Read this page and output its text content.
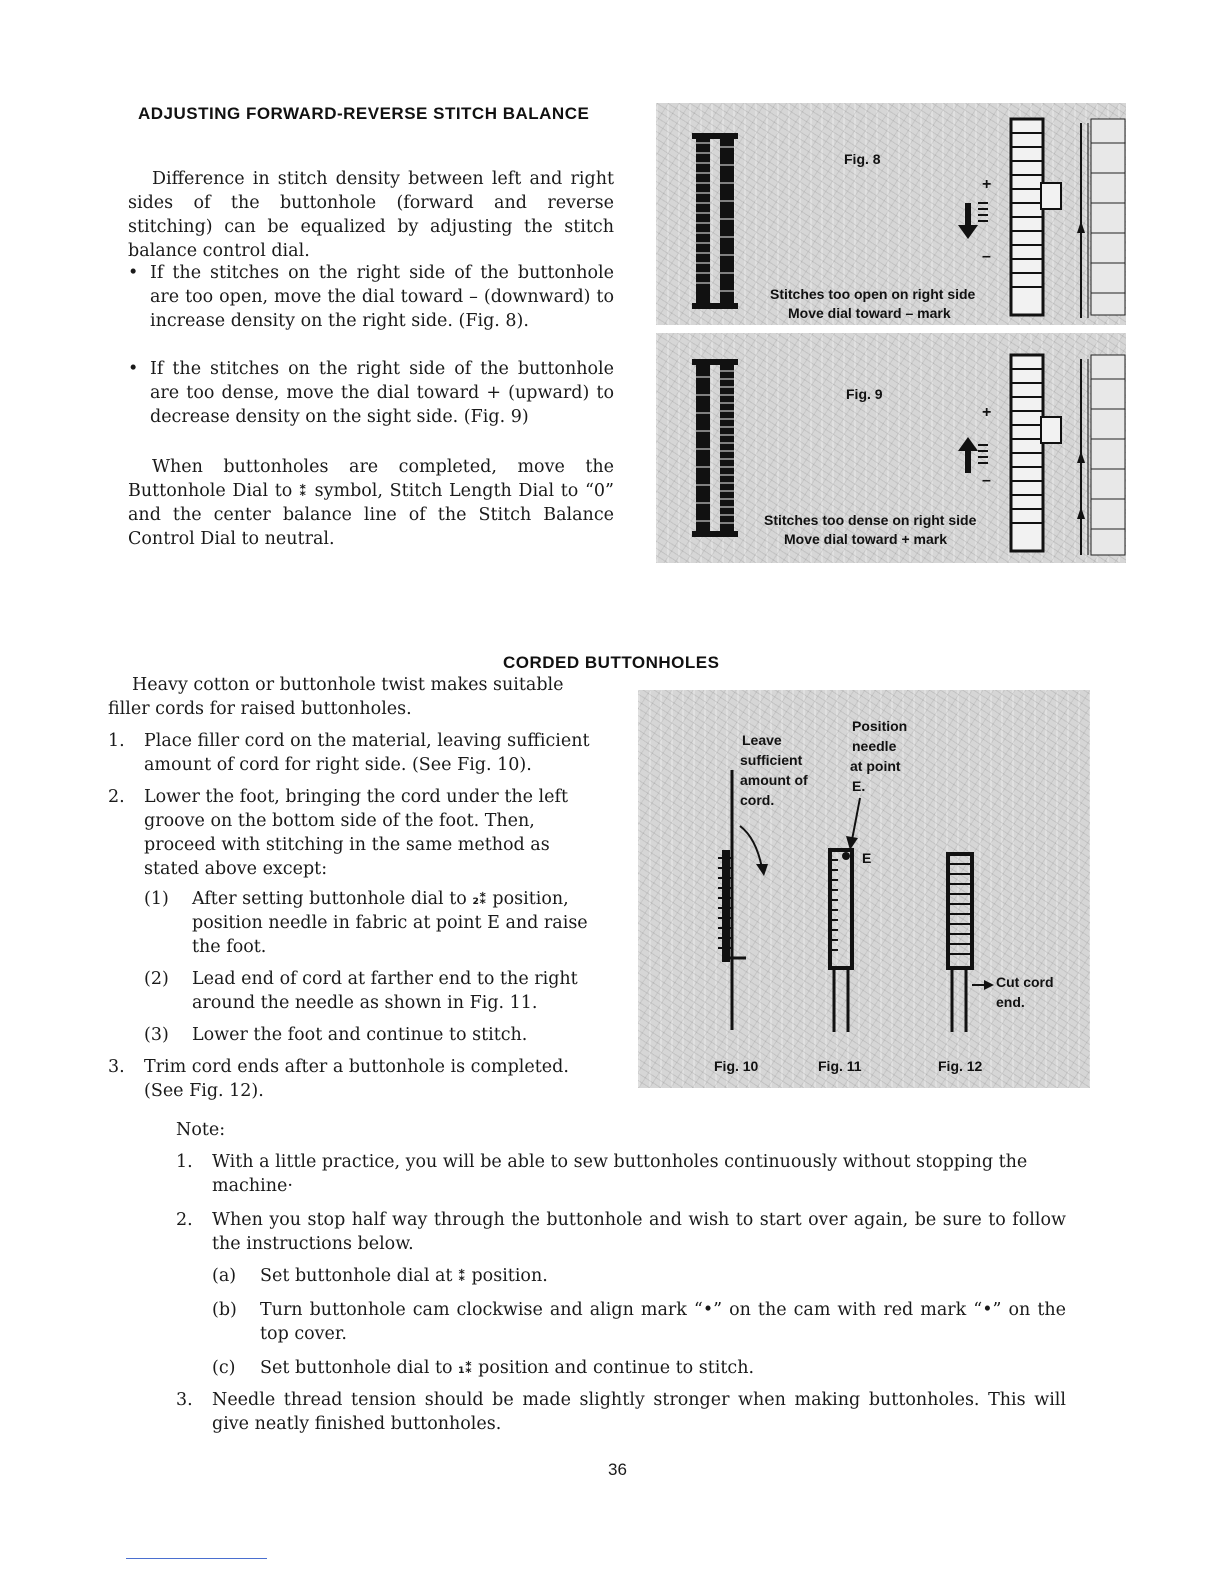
ADJUSTING FORWARD-REVERSE STITCH BALANCE
Difference in stitch density between left and right sides of the buttonhole (forward and reverse stitching) can be equalized by adjusting the stitch balance control dial.
• If the stitches on the right side of the buttonhole are too open, move the dial toward – (downward) to increase density on the right side. (Fig. 8).
• If the stitches on the right side of the buttonhole are too dense, move the dial toward + (upward) to decrease density on the sight side. (Fig. 9)
When buttonholes are completed, move the Buttonhole Dial to ⁑ symbol, Stitch Length Dial to “0” and the center balance line of the Stitch Balance Control Dial to neutral.
Fig. 8
+
–
Stitches too open on right side
Move dial toward – mark
Fig. 9
+
–
Stitches too dense on right side
Move dial toward + mark
CORDED BUTTONHOLES
Heavy cotton or buttonhole twist makes suitable filler cords for raised buttonholes.
1.	Place filler cord on the material, leaving sufficient amount of cord for right side. (See Fig. 10).
2.	Lower the foot, bringing the cord under the left groove on the bottom side of the foot. Then, proceed with stitching in the same method as stated above except:
(1)	After setting buttonhole dial to ₂⁑ position, position needle in fabric at point E and raise the foot.
(2)	Lead end of cord at farther end to the right around the needle as shown in Fig. 11.
(3)	Lower the foot and continue to stitch.
3.	Trim cord ends after a buttonhole is completed. (See Fig. 12).
Leave
sufficient
amount of
cord.
Position
needle
at point
E.
E
Cut cord
end.
Fig. 10	Fig. 11	Fig. 12
Note:
1.	With a little practice, you will be able to sew buttonholes continuously without stopping the machine·
2.	When you stop half way through the buttonhole and wish to start over again, be sure to follow the instructions below.
(a)	Set buttonhole dial at ⁑ position.
(b)	Turn buttonhole cam clockwise and align mark “•” on the cam with red mark “•” on the top cover.
(c)	Set buttonhole dial to ₁⁑ position and continue to stitch.
3.	Needle thread tension should be made slightly stronger when making buttonholes. This will give neatly finished buttonholes.
36
